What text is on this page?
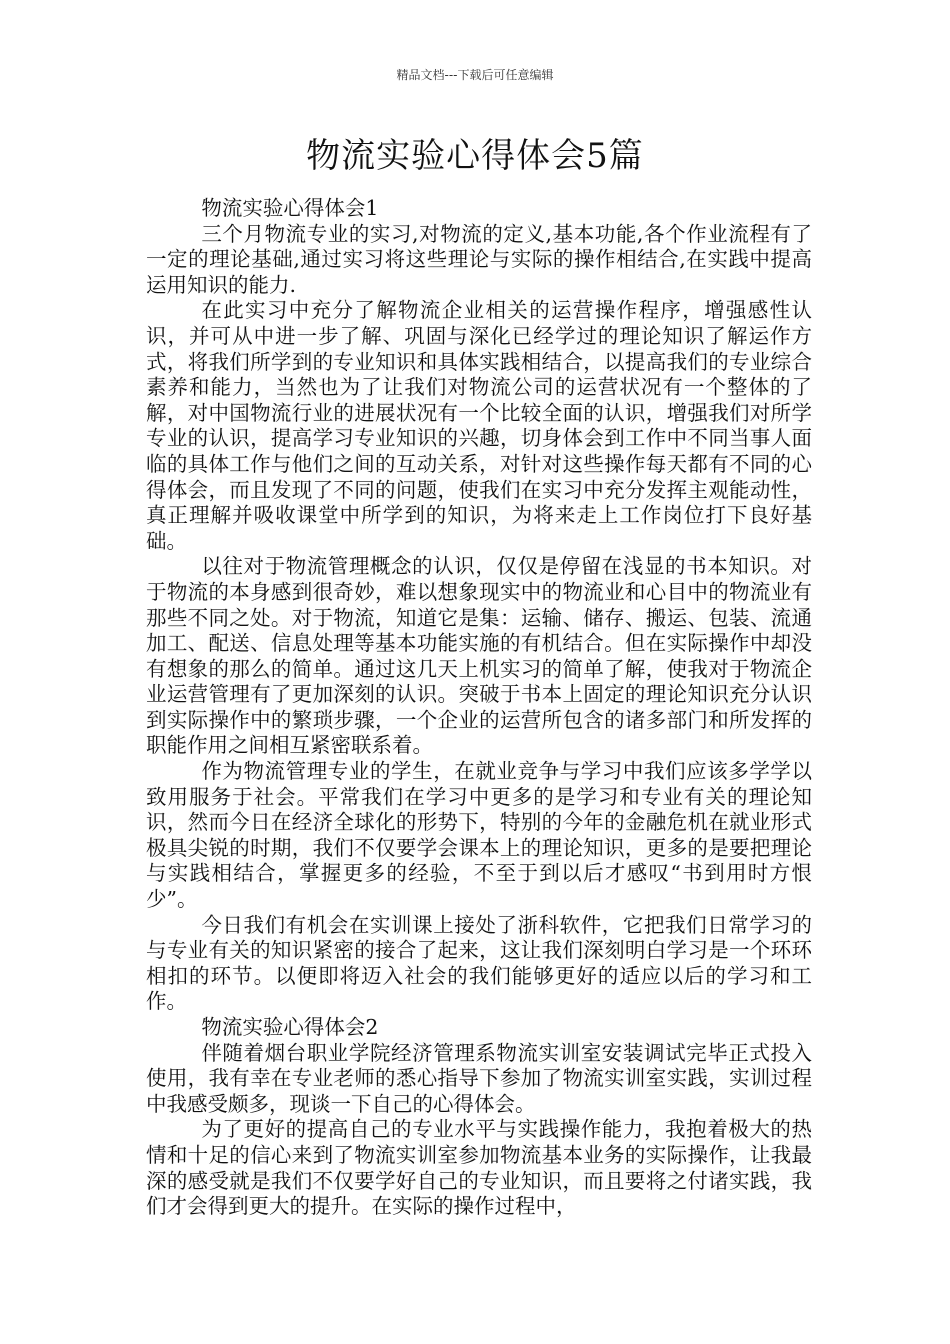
精品文档---下载后可任意编辑
物流实验心得体会5篇

物流实验心得体会1

三个月物流专业的实习,对物流的定义,基本功能,各个作业流程有了一定的理论基础,通过实习将这些理论与实际的操作相结合,在实践中提高运用知识的能力.

在此实习中充分了解物流企业相关的运营操作程序，增强感性认识，并可从中进一步了解、巩固与深化已经学过的理论知识了解运作方式，将我们所学到的专业知识和具体实践相结合，以提高我们的专业综合素养和能力，当然也为了让我们对物流公司的运营状况有一个整体的了解，对中国物流行业的进展状况有一个比较全面的认识，增强我们对所学专业的认识，提高学习专业知识的兴趣，切身体会到工作中不同当事人面临的具体工作与他们之间的互动关系，对针对这些操作每天都有不同的心得体会，而且发现了不同的问题，使我们在实习中充分发挥主观能动性，真正理解并吸收课堂中所学到的知识，为将来走上工作岗位打下良好基础。

以往对于物流管理概念的认识，仅仅是停留在浅显的书本知识。对于物流的本身感到很奇妙，难以想象现实中的物流业和心目中的物流业有那些不同之处。对于物流，知道它是集：运输、储存、搬运、包装、流通加工、配送、信息处理等基本功能实施的有机结合。但在实际操作中却没有想象的那么的简单。通过这几天上机实习的简单了解，使我对于物流企业运营管理有了更加深刻的认识。突破于书本上固定的理论知识充分认识到实际操作中的繁琐步骤，一个企业的运营所包含的诸多部门和所发挥的职能作用之间相互紧密联系着。

作为物流管理专业的学生，在就业竞争与学习中我们应该多学学以致用服务于社会。平常我们在学习中更多的是学习和专业有关的理论知识，然而今日在经济全球化的形势下，特别的今年的金融危机在就业形式极具尖锐的时期，我们不仅要学会课本上的理论知识，更多的是要把理论与实践相结合，掌握更多的经验，不至于到以后才感叹“书到用时方恨少”。

今日我们有机会在实训课上接处了浙科软件，它把我们日常学习的与专业有关的知识紧密的接合了起来，这让我们深刻明白学习是一个环环相扣的环节。以便即将迈入社会的我们能够更好的适应以后的学习和工作。

物流实验心得体会2

伴随着烟台职业学院经济管理系物流实训室安装调试完毕正式投入使用，我有幸在专业老师的悉心指导下参加了物流实训室实践，实训过程中我感受颇多，现谈一下自己的心得体会。

为了更好的提高自己的专业水平与实践操作能力，我抱着极大的热情和十足的信心来到了物流实训室参加物流基本业务的实际操作，让我最深的感受就是我们不仅要学好自己的专业知识，而且要将之付诸实践，我们才会得到更大的提升。在实际的操作过程中，
